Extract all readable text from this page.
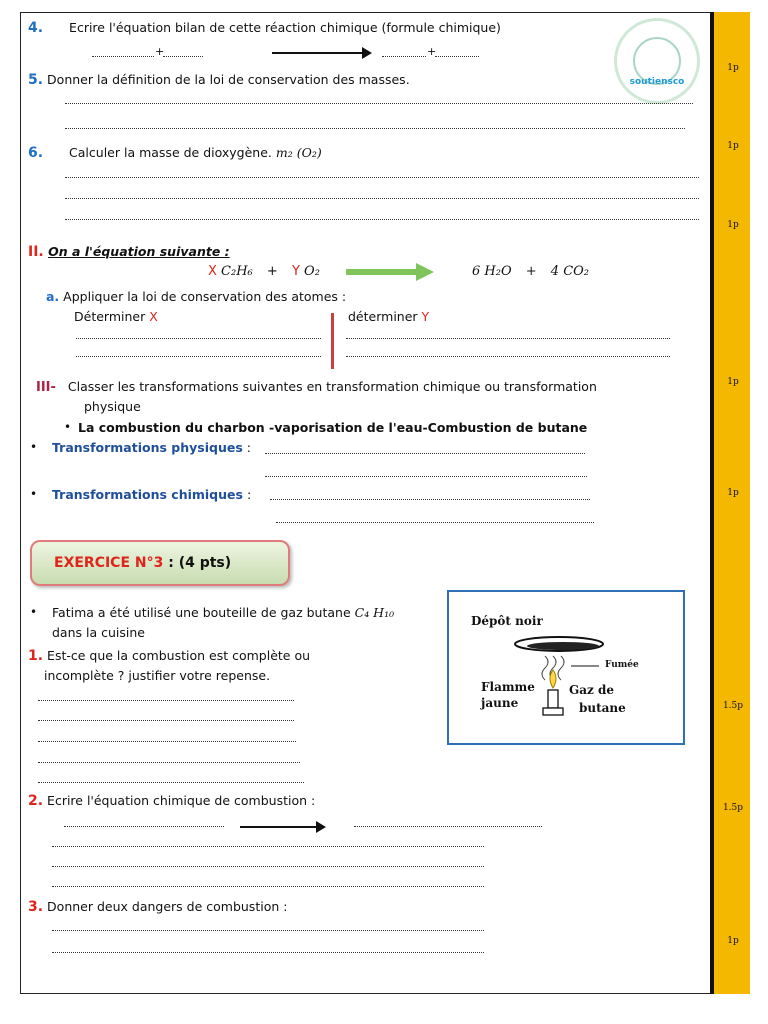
1p
1p
1p
1p
1p
1.5p
1.5p
1p
soutiensco
4. Ecrire l'équation bilan de cette réaction chimique (formule chimique)
+	+
5. Donner la définition de la loi de conservation des masses.
6. Calculer la masse de dioxygène. m₂ (O₂)
II. On a l'équation suivante :
X C₂H₆ + Y O₂	6 H₂O + 4 CO₂
a. Appliquer la loi de conservation des atomes :
Déterminer X	déterminer Y
III- Classer les transformations suivantes en transformation chimique ou transformation
physique
• La combustion du charbon -vaporisation de l'eau-Combustion de butane
• Transformations physiques :
• Transformations chimiques :
EXERCICE N°3 : (4 pts)
• Fatima a été utilisé une bouteille de gaz butane C₄ H₁₀
dans la cuisine
1. Est-ce que la combustion est complète ou
incomplète ? justifier votre repense.
Dépôt noir
Fumée
Flamme
jaune
Gaz de
butane
2. Ecrire l'équation chimique de combustion :
3. Donner deux dangers de combustion :
